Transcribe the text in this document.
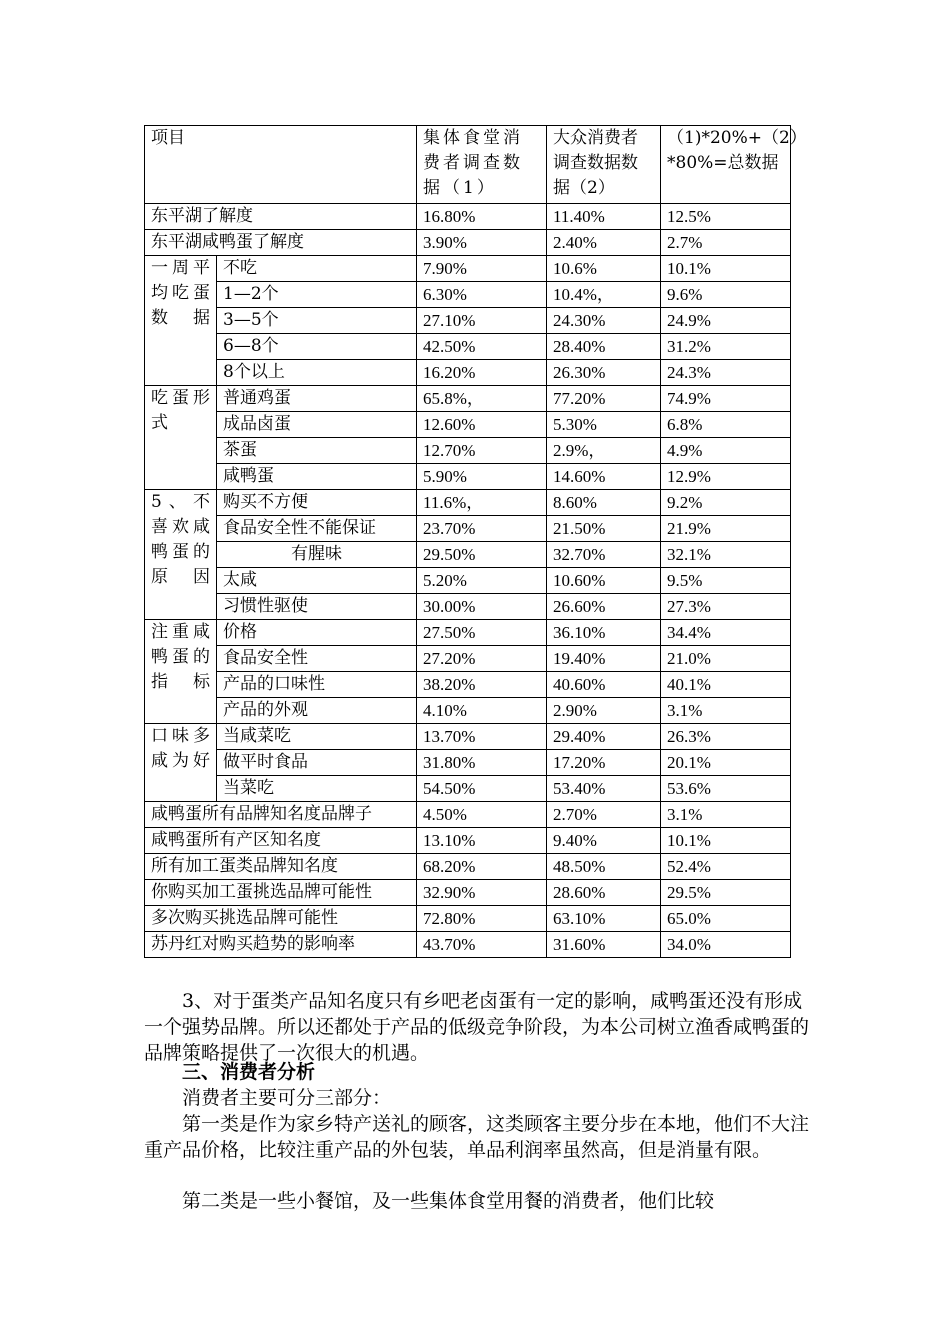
项目		集体食堂消费者调查数据（1）	大众消费者调查数据数据（2）	（1)*20%+（2）*80%=总数据
东平湖了解度		16.80%	11.40%	12.5%
东平湖咸鸭蛋了解度		3.90%	2.40%	2.7%
一周平均吃蛋数据	不吃	7.90%	10.6%	10.1%
	1—2个	6.30%	10.4%，	9.6%
	3—5个	27.10%	24.30%	24.9%
	6—8个	42.50%	28.40%	31.2%
	8个以上	16.20%	26.30%	24.3%
吃蛋形式	普通鸡蛋	65.8%，	77.20%	74.9%
	成品卤蛋	12.60%	5.30%	6.8%
	茶蛋	12.70%	2.9%，	4.9%
	咸鸭蛋	5.90%	14.60%	12.9%
5、不喜欢咸鸭蛋的原因	购买不方便	11.6%，	8.60%	9.2%
	食品安全性不能保证	23.70%	21.50%	21.9%
	有腥味	29.50%	32.70%	32.1%
	太咸	5.20%	10.60%	9.5%
	习惯性驱使	30.00%	26.60%	27.3%
注重咸鸭蛋的指标	价格	27.50%	36.10%	34.4%
	食品安全性	27.20%	19.40%	21.0%
	产品的口味性	38.20%	40.60%	40.1%
	产品的外观	4.10%	2.90%	3.1%
口味多咸为好	当咸菜吃	13.70%	29.40%	26.3%
	做平时食品	31.80%	17.20%	20.1%
	当菜吃	54.50%	53.40%	53.6%
咸鸭蛋所有品牌知名度品牌子		4.50%	2.70%	3.1%
咸鸭蛋所有产区知名度		13.10%	9.40%	10.1%
所有加工蛋类品牌知名度		68.20%	48.50%	52.4%
你购买加工蛋挑选品牌可能性		32.90%	28.60%	29.5%
多次购买挑选品牌可能性		72.80%	63.10%	65.0%
苏丹红对购买趋势的影响率		43.70%	31.60%	34.0%

3、对于蛋类产品知名度只有乡吧老卤蛋有一定的影响，咸鸭蛋还没有形成一个强势品牌。所以还都处于产品的低级竞争阶段，为本公司树立渔香咸鸭蛋的品牌策略提供了一次很大的机遇。

三、消费者分析

消费者主要可分三部分：

第一类是作为家乡特产送礼的顾客，这类顾客主要分步在本地，他们不大注重产品价格，比较注重产品的外包装，单品利润率虽然高，但是消量有限。

第二类是一些小餐馆，及一些集体食堂用餐的消费者，他们比较
